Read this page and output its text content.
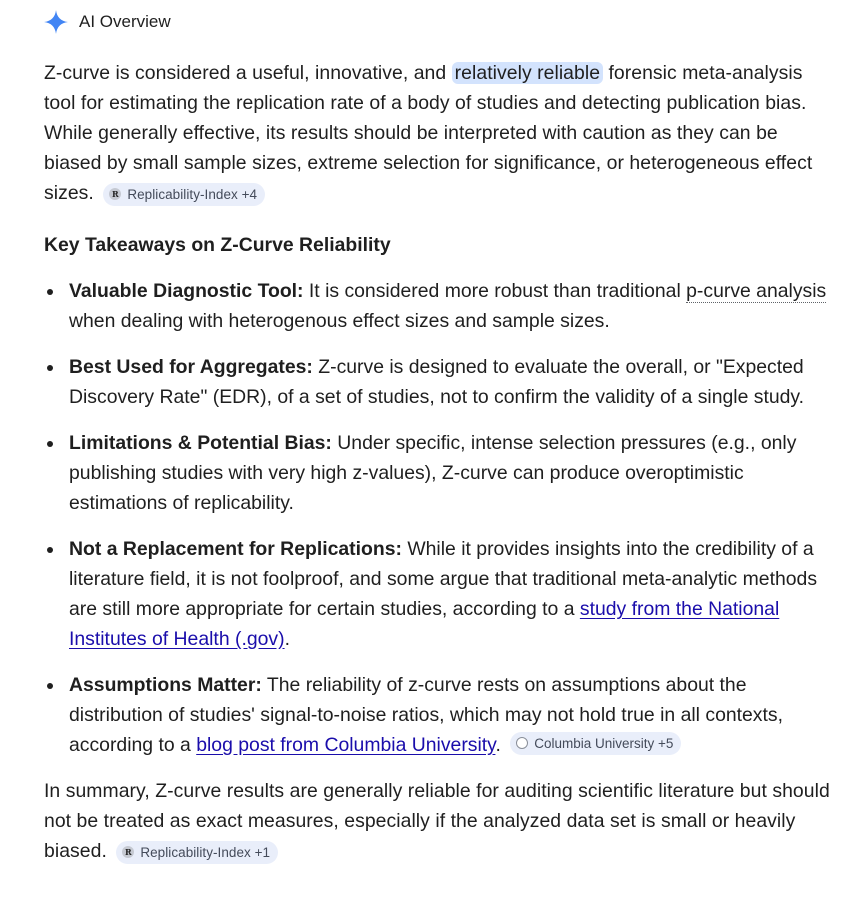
AI Overview

Z-curve is considered a useful, innovative, and relatively reliable forensic meta-analysis tool for estimating the replication rate of a body of studies and detecting publication bias. While generally effective, its results should be interpreted with caution as they can be biased by small sample sizes, extreme selection for significance, or heterogeneous effect sizes.	R Replicability-Index +4

Key Takeaways on Z-Curve Reliability
Valuable Diagnostic Tool: It is considered more robust than traditional p-curve analysis when dealing with heterogenous effect sizes and sample sizes.
Best Used for Aggregates: Z-curve is designed to evaluate the overall, or "Expected Discovery Rate" (EDR), of a set of studies, not to confirm the validity of a single study.
Limitations & Potential Bias: Under specific, intense selection pressures (e.g., only publishing studies with very high z-values), Z-curve can produce overoptimistic estimations of replicability.
Not a Replacement for Replications: While it provides insights into the credibility of a literature field, it is not foolproof, and some argue that traditional meta-analytic methods are still more appropriate for certain studies, according to a study from the National Institutes of Health (.gov).
Assumptions Matter: The reliability of z-curve rests on assumptions about the distribution of studies' signal-to-noise ratios, which may not hold true in all contexts, according to a blog post from Columbia University. Columbia University +5

In summary, Z-curve results are generally reliable for auditing scientific literature but should not be treated as exact measures, especially if the analyzed data set is small or heavily biased.	R Replicability-Index +1
